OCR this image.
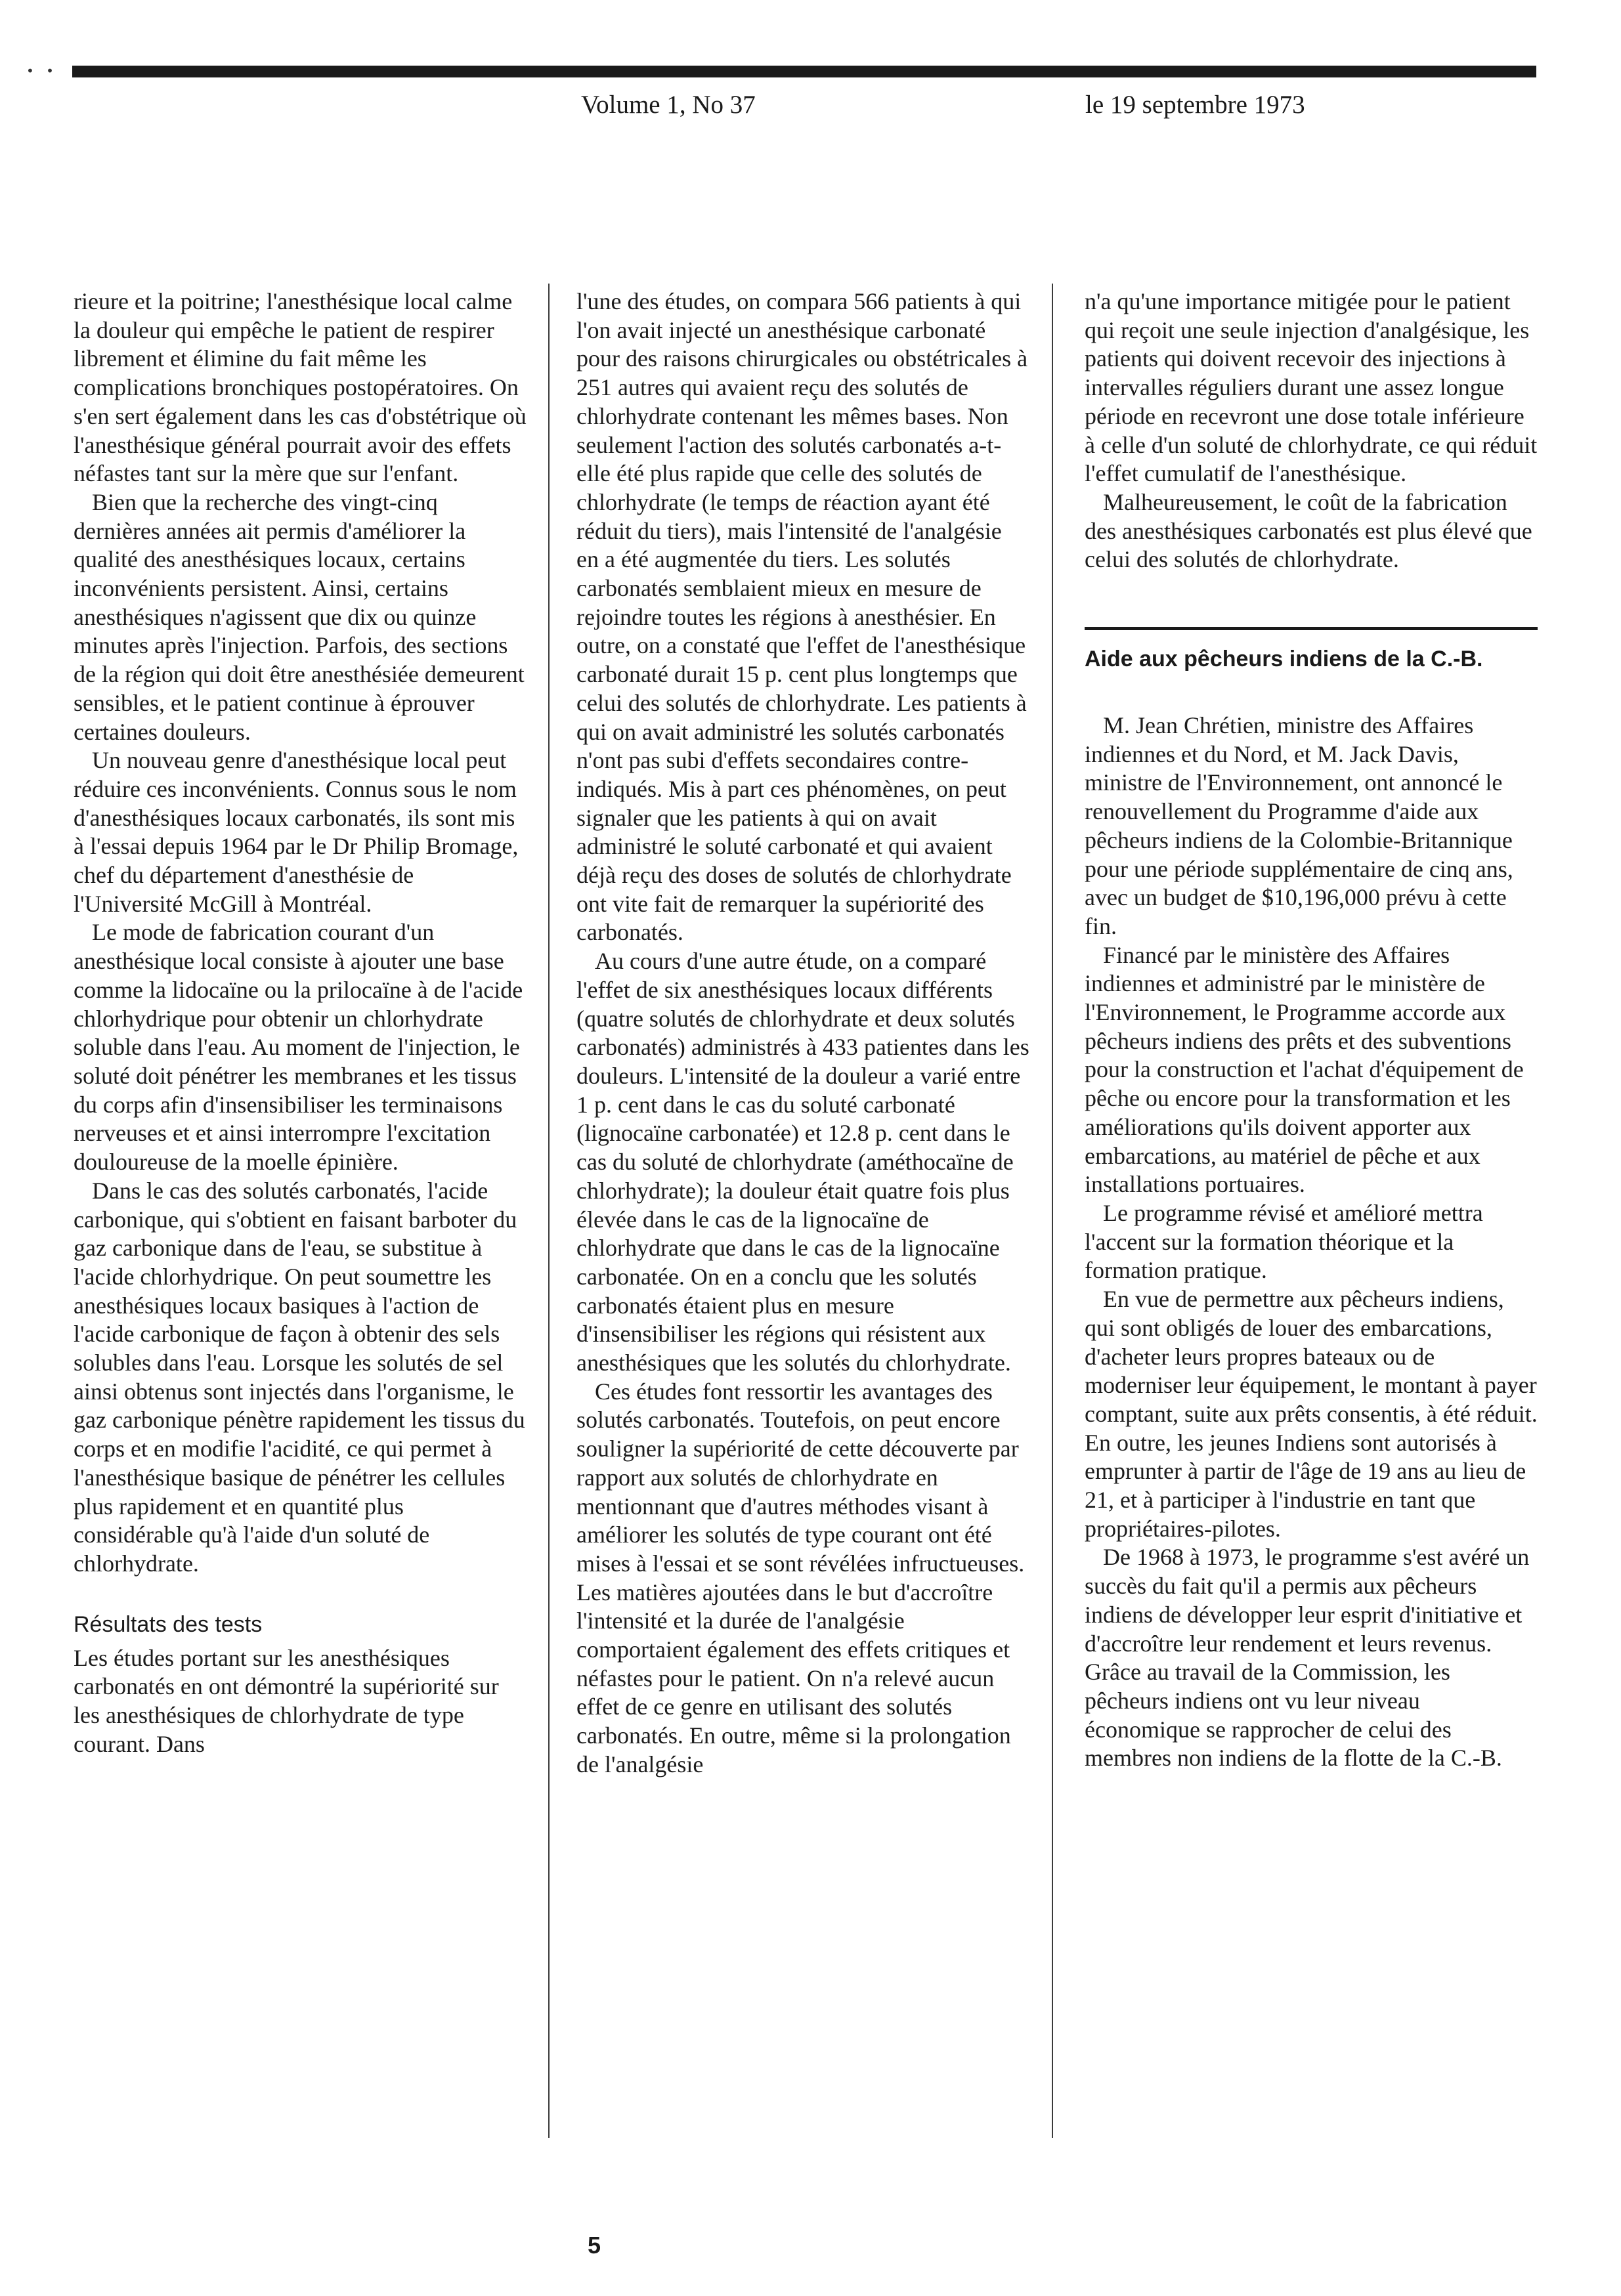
• •
Volume 1, No 37	le 19 septembre 1973

rieure et la poitrine; l'anesthésique local calme la douleur qui empêche le patient de respirer librement et élimine du fait même les complications bronchiques postopératoires. On s'en sert également dans les cas d'obstétrique où l'anesthésique général pourrait avoir des effets néfastes tant sur la mère que sur l'enfant.

Bien que la recherche des vingt-cinq dernières années ait permis d'améliorer la qualité des anesthésiques locaux, certains inconvénients persistent. Ainsi, certains anesthésiques n'agissent que dix ou quinze minutes après l'injection. Parfois, des sections de la région qui doit être anesthésiée demeurent sensibles, et le patient continue à éprouver certaines douleurs.

Un nouveau genre d'anesthésique local peut réduire ces inconvénients. Connus sous le nom d'anesthésiques locaux carbonatés, ils sont mis à l'essai depuis 1964 par le Dr Philip Bromage, chef du département d'anesthésie de l'Université McGill à Montréal.

Le mode de fabrication courant d'un anesthésique local consiste à ajouter une base comme la lidocaïne ou la prilocaïne à de l'acide chlorhydrique pour obtenir un chlorhydrate soluble dans l'eau. Au moment de l'injection, le soluté doit pénétrer les membranes et les tissus du corps afin d'insensibiliser les terminaisons nerveuses et et ainsi interrompre l'excitation douloureuse de la moelle épinière.

Dans le cas des solutés carbonatés, l'acide carbonique, qui s'obtient en faisant barboter du gaz carbonique dans de l'eau, se substitue à l'acide chlorhydrique. On peut soumettre les anesthésiques locaux basiques à l'action de l'acide carbonique de façon à obtenir des sels solubles dans l'eau. Lorsque les solutés de sel ainsi obtenus sont injectés dans l'organisme, le gaz carbonique pénètre rapidement les tissus du corps et en modifie l'acidité, ce qui permet à l'anesthésique basique de pénétrer les cellules plus rapidement et en quantité plus considérable qu'à l'aide d'un soluté de chlorhydrate.

Résultats des tests

Les études portant sur les anesthésiques carbonatés en ont démontré la supériorité sur les anesthésiques de chlorhydrate de type courant. Dans

l'une des études, on compara 566 patients à qui l'on avait injecté un anesthésique carbonaté pour des raisons chirurgicales ou obstétricales à 251 autres qui avaient reçu des solutés de chlorhydrate contenant les mêmes bases. Non seulement l'action des solutés carbonatés a-t-elle été plus rapide que celle des solutés de chlorhydrate (le temps de réaction ayant été réduit du tiers), mais l'intensité de l'analgésie en a été augmentée du tiers. Les solutés carbonatés semblaient mieux en mesure de rejoindre toutes les régions à anesthésier. En outre, on a constaté que l'effet de l'anesthésique carbonaté durait 15 p. cent plus longtemps que celui des solutés de chlorhydrate. Les patients à qui on avait administré les solutés carbonatés n'ont pas subi d'effets secondaires contre-indiqués. Mis à part ces phénomènes, on peut signaler que les patients à qui on avait administré le soluté carbonaté et qui avaient déjà reçu des doses de solutés de chlorhydrate ont vite fait de remarquer la supériorité des carbonatés.

Au cours d'une autre étude, on a comparé l'effet de six anesthésiques locaux différents (quatre solutés de chlorhydrate et deux solutés carbonatés) administrés à 433 patientes dans les douleurs. L'intensité de la douleur a varié entre 1 p. cent dans le cas du soluté carbonaté (lignocaïne carbonatée) et 12.8 p. cent dans le cas du soluté de chlorhydrate (améthocaïne de chlorhydrate); la douleur était quatre fois plus élevée dans le cas de la lignocaïne de chlorhydrate que dans le cas de la lignocaïne carbonatée. On en a conclu que les solutés carbonatés étaient plus en mesure d'insensibiliser les régions qui résistent aux anesthésiques que les solutés du chlorhydrate.

Ces études font ressortir les avantages des solutés carbonatés. Toutefois, on peut encore souligner la supériorité de cette découverte par rapport aux solutés de chlorhydrate en mentionnant que d'autres méthodes visant à améliorer les solutés de type courant ont été mises à l'essai et se sont révélées infructueuses. Les matières ajoutées dans le but d'accroître l'intensité et la durée de l'analgésie comportaient également des effets critiques et néfastes pour le patient. On n'a relevé aucun effet de ce genre en utilisant des solutés carbonatés. En outre, même si la prolongation de l'analgésie

n'a qu'une importance mitigée pour le patient qui reçoit une seule injection d'analgésique, les patients qui doivent recevoir des injections à intervalles réguliers durant une assez longue période en recevront une dose totale inférieure à celle d'un soluté de chlorhydrate, ce qui réduit l'effet cumulatif de l'anesthésique.

Malheureusement, le coût de la fabrication des anesthésiques carbonatés est plus élevé que celui des solutés de chlorhydrate.

Aide aux pêcheurs indiens de la C.-B.

M. Jean Chrétien, ministre des Affaires indiennes et du Nord, et M. Jack Davis, ministre de l'Environnement, ont annoncé le renouvellement du Programme d'aide aux pêcheurs indiens de la Colombie-Britannique pour une période supplémentaire de cinq ans, avec un budget de $10,196,000 prévu à cette fin.

Financé par le ministère des Affaires indiennes et administré par le ministère de l'Environnement, le Programme accorde aux pêcheurs indiens des prêts et des subventions pour la construction et l'achat d'équipement de pêche ou encore pour la transformation et les améliorations qu'ils doivent apporter aux embarcations, au matériel de pêche et aux installations portuaires.

Le programme révisé et amélioré mettra l'accent sur la formation théorique et la formation pratique.

En vue de permettre aux pêcheurs indiens, qui sont obligés de louer des embarcations, d'acheter leurs propres bateaux ou de moderniser leur équipement, le montant à payer comptant, suite aux prêts consentis, à été réduit. En outre, les jeunes Indiens sont autorisés à emprunter à partir de l'âge de 19 ans au lieu de 21, et à participer à l'industrie en tant que propriétaires-pilotes.

De 1968 à 1973, le programme s'est avéré un succès du fait qu'il a permis aux pêcheurs indiens de développer leur esprit d'initiative et d'accroître leur rendement et leurs revenus. Grâce au travail de la Commission, les pêcheurs indiens ont vu leur niveau économique se rapprocher de celui des membres non indiens de la flotte de la C.-B.

5
